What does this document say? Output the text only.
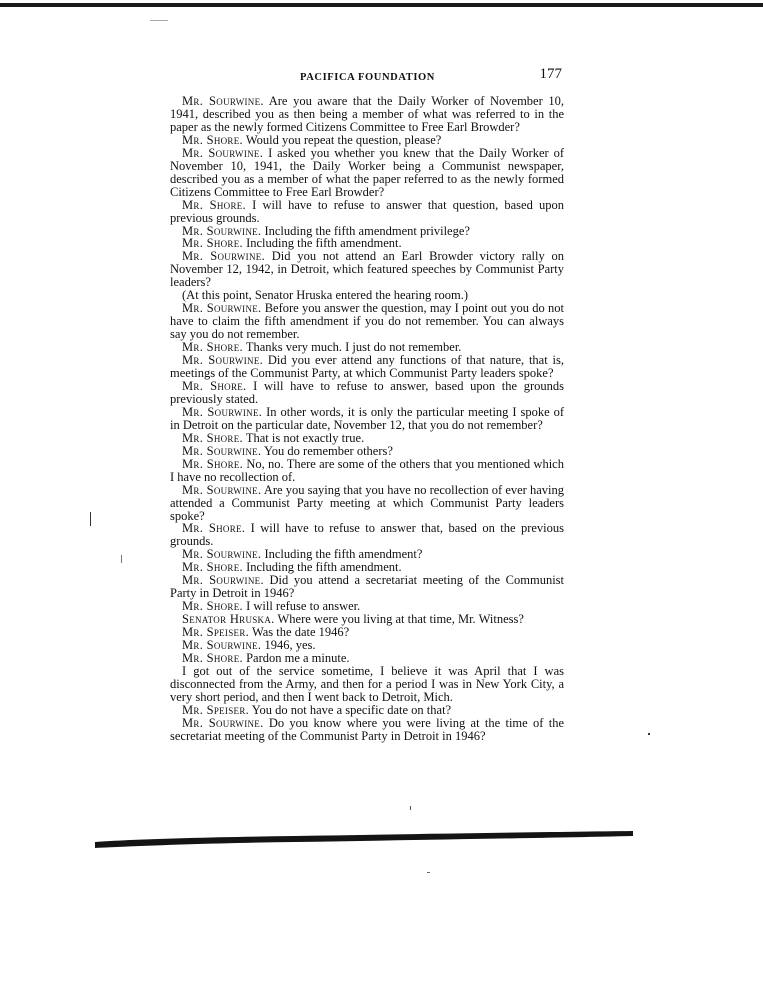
PACIFICA FOUNDATION	177

Mr. Sourwine. Are you aware that the Daily Worker of November 10, 1941, described you as then being a member of what was referred to in the paper as the newly formed Citizens Committee to Free Earl Browder?

Mr. Shore. Would you repeat the question, please?

Mr. Sourwine. I asked you whether you knew that the Daily Worker of November 10, 1941, the Daily Worker being a Communist newspaper, described you as a member of what the paper referred to as the newly formed Citizens Committee to Free Earl Browder?

Mr. Shore. I will have to refuse to answer that question, based upon previous grounds.

Mr. Sourwine. Including the fifth amendment privilege?

Mr. Shore. Including the fifth amendment.

Mr. Sourwine. Did you not attend an Earl Browder victory rally on November 12, 1942, in Detroit, which featured speeches by Communist Party leaders?

(At this point, Senator Hruska entered the hearing room.)

Mr. Sourwine. Before you answer the question, may I point out you do not have to claim the fifth amendment if you do not remember. You can always say you do not remember.

Mr. Shore. Thanks very much. I just do not remember.

Mr. Sourwine. Did you ever attend any functions of that nature, that is, meetings of the Communist Party, at which Communist Party leaders spoke?

Mr. Shore. I will have to refuse to answer, based upon the grounds previously stated.

Mr. Sourwine. In other words, it is only the particular meeting I spoke of in Detroit on the particular date, November 12, that you do not remember?

Mr. Shore. That is not exactly true.

Mr. Sourwine. You do remember others?

Mr. Shore. No, no. There are some of the others that you mentioned which I have no recollection of.

Mr. Sourwine. Are you saying that you have no recollection of ever having attended a Communist Party meeting at which Communist Party leaders spoke?

Mr. Shore. I will have to refuse to answer that, based on the previous grounds.

Mr. Sourwine. Including the fifth amendment?

Mr. Shore. Including the fifth amendment.

Mr. Sourwine. Did you attend a secretariat meeting of the Communist Party in Detroit in 1946?

Mr. Shore. I will refuse to answer.

Senator Hruska. Where were you living at that time, Mr. Witness?

Mr. Speiser. Was the date 1946?

Mr. Sourwine. 1946, yes.

Mr. Shore. Pardon me a minute.

I got out of the service sometime, I believe it was April that I was disconnected from the Army, and then for a period I was in New York City, a very short period, and then I went back to Detroit, Mich.

Mr. Speiser. You do not have a specific date on that?

Mr. Sourwine. Do you know where you were living at the time of the secretariat meeting of the Communist Party in Detroit in 1946?
